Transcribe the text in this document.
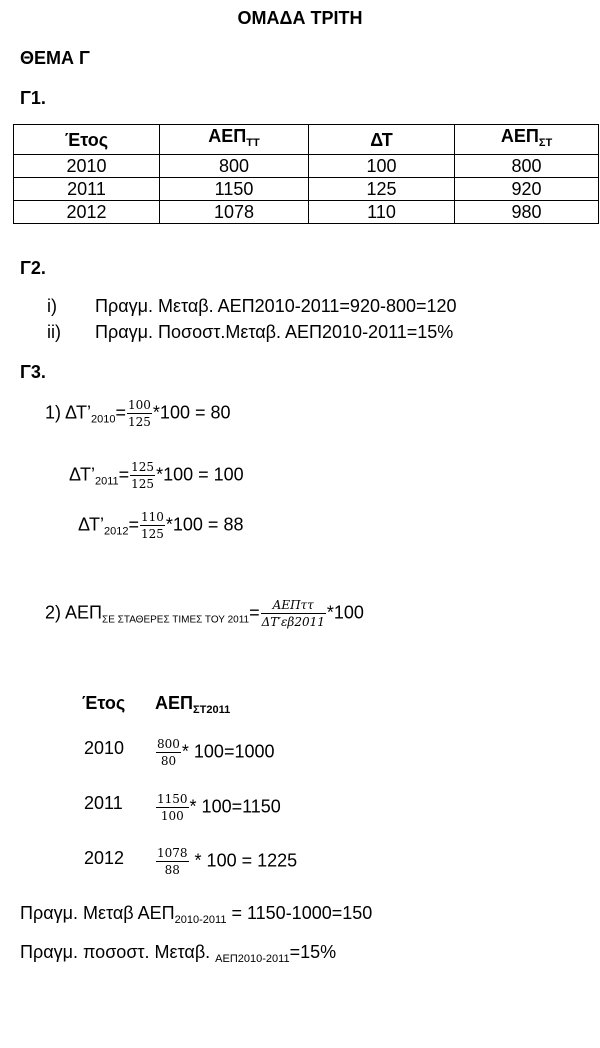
ΟΜΑΔΑ ΤΡΙΤΗ
ΘΕΜΑ Γ
Γ1.
Έτος	$AE\Pi_{TT}$	ΔΤ	$AE\Pi_{\Sigma T}$
2010	800	100	800
2011	1150	125	920
2012	1078	110	980
Γ2.
i) Πραγμ. Μεταβ. ΑΕΠ2010-2011=920-800=120
ii) Πραγμ. Ποσοστ.Μεταβ. ΑΕΠ2010-2011=15%
Γ3.
1) $\Delta T’_{2010}= \frac{100}{125} *100 = 80$
$\Delta T’_{2011}= \frac{125}{125} *100 = 100$
$\Delta T’_{2012}= \frac{110}{125} *100 = 88$
2) $AE\Pi_{\Sigma E \Sigma TA\Theta EPE\Sigma TIME\Sigma TO\Upsilon 2011}= \frac{\text{ΑΕΠττ}}{\Delta T'\varepsilon\beta 2011} *100$
Έτος $AE\Pi_{\Sigma T2011}$
2010	$\frac{800}{80} * 100=1000$
2011	$\frac{1150}{100} * 100=1150$
2012	$\frac{1078}{88} * 100 = 1225$
Πραγμ. Μεταβ $AE\Pi_{2010-2011} = 1150-1000=150$
Πραγμ. ποσοστ. Μεταβ. $_{AE\Pi 2010-2011}$=15%
